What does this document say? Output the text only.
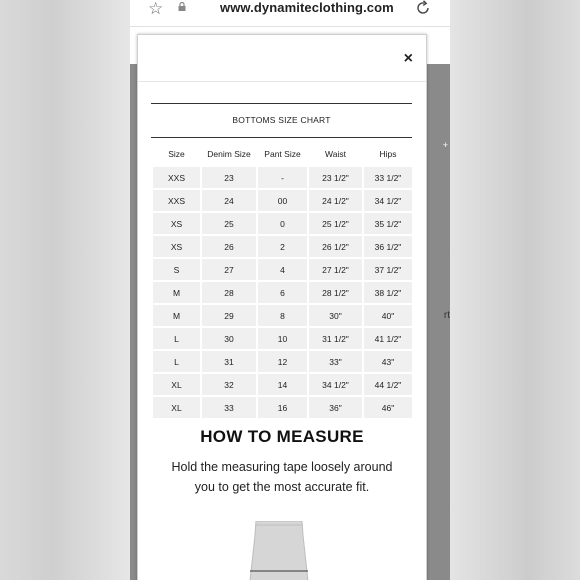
☆	www.dynamiteclothing.com
+
rt
×
BOTTOMS SIZE CHART
Size	Denim Size	Pant Size	Waist	Hips
XXS	23	-	23 1/2"	33 1/2"
XXS	24	00	24 1/2"	34 1/2"
XS	25	0	25 1/2"	35 1/2"
XS	26	2	26 1/2"	36 1/2"
S	27	4	27 1/2"	37 1/2"
M	28	6	28 1/2"	38 1/2"
M	29	8	30"	40"
L	30	10	31 1/2"	41 1/2"
L	31	12	33"	43"
XL	32	14	34 1/2"	44 1/2"
XL	33	16	36"	46"
HOW TO MEASURE
Hold the measuring tape loosely around you to get the most accurate fit.
